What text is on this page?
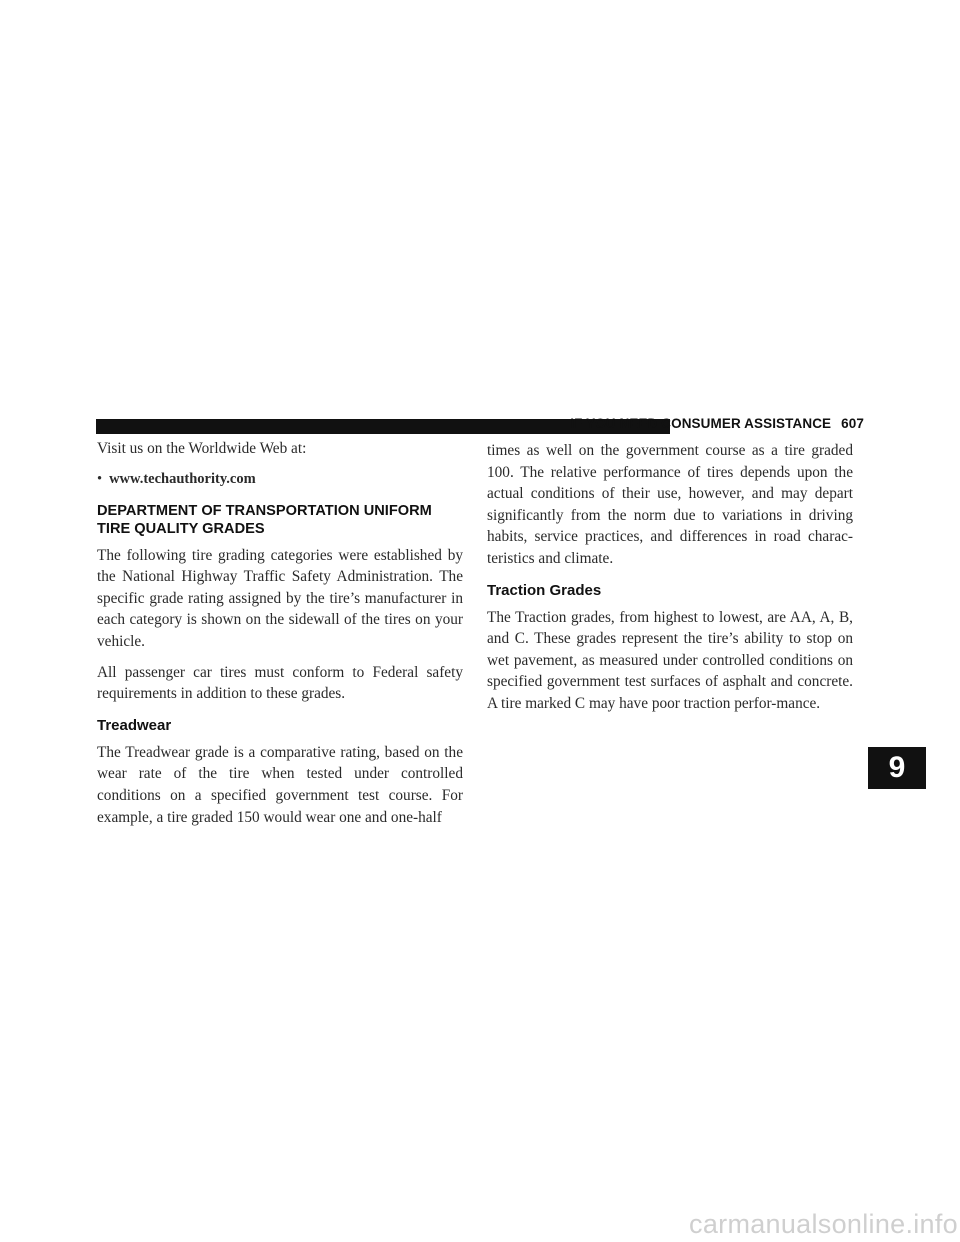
IF YOU NEED CONSUMER ASSISTANCE 607

Visit us on the Worldwide Web at:

• www.techauthority.com
DEPARTMENT OF TRANSPORTATION UNIFORM
TIRE QUALITY GRADES

The following tire grading categories were established by the National Highway Traffic Safety Administration. The specific grade rating assigned by the tire’s manufacturer in each category is shown on the sidewall of the tires on your vehicle.

All passenger car tires must conform to Federal safety requirements in addition to these grades.

Treadwear

The Treadwear grade is a comparative rating, based on the wear rate of the tire when tested under controlled conditions on a specified government test course. For example, a tire graded 150 would wear one and one-half

times as well on the government course as a tire graded 100. The relative performance of tires depends upon the actual conditions of their use, however, and may depart significantly from the norm due to variations in driving habits, service practices, and differences in road charac-teristics and climate.

Traction Grades

The Traction grades, from highest to lowest, are AA, A, B, and C. These grades represent the tire’s ability to stop on wet pavement, as measured under controlled conditions on specified government test surfaces of asphalt and concrete. A tire marked C may have poor traction perfor-mance.

9
carmanualsonline.info
